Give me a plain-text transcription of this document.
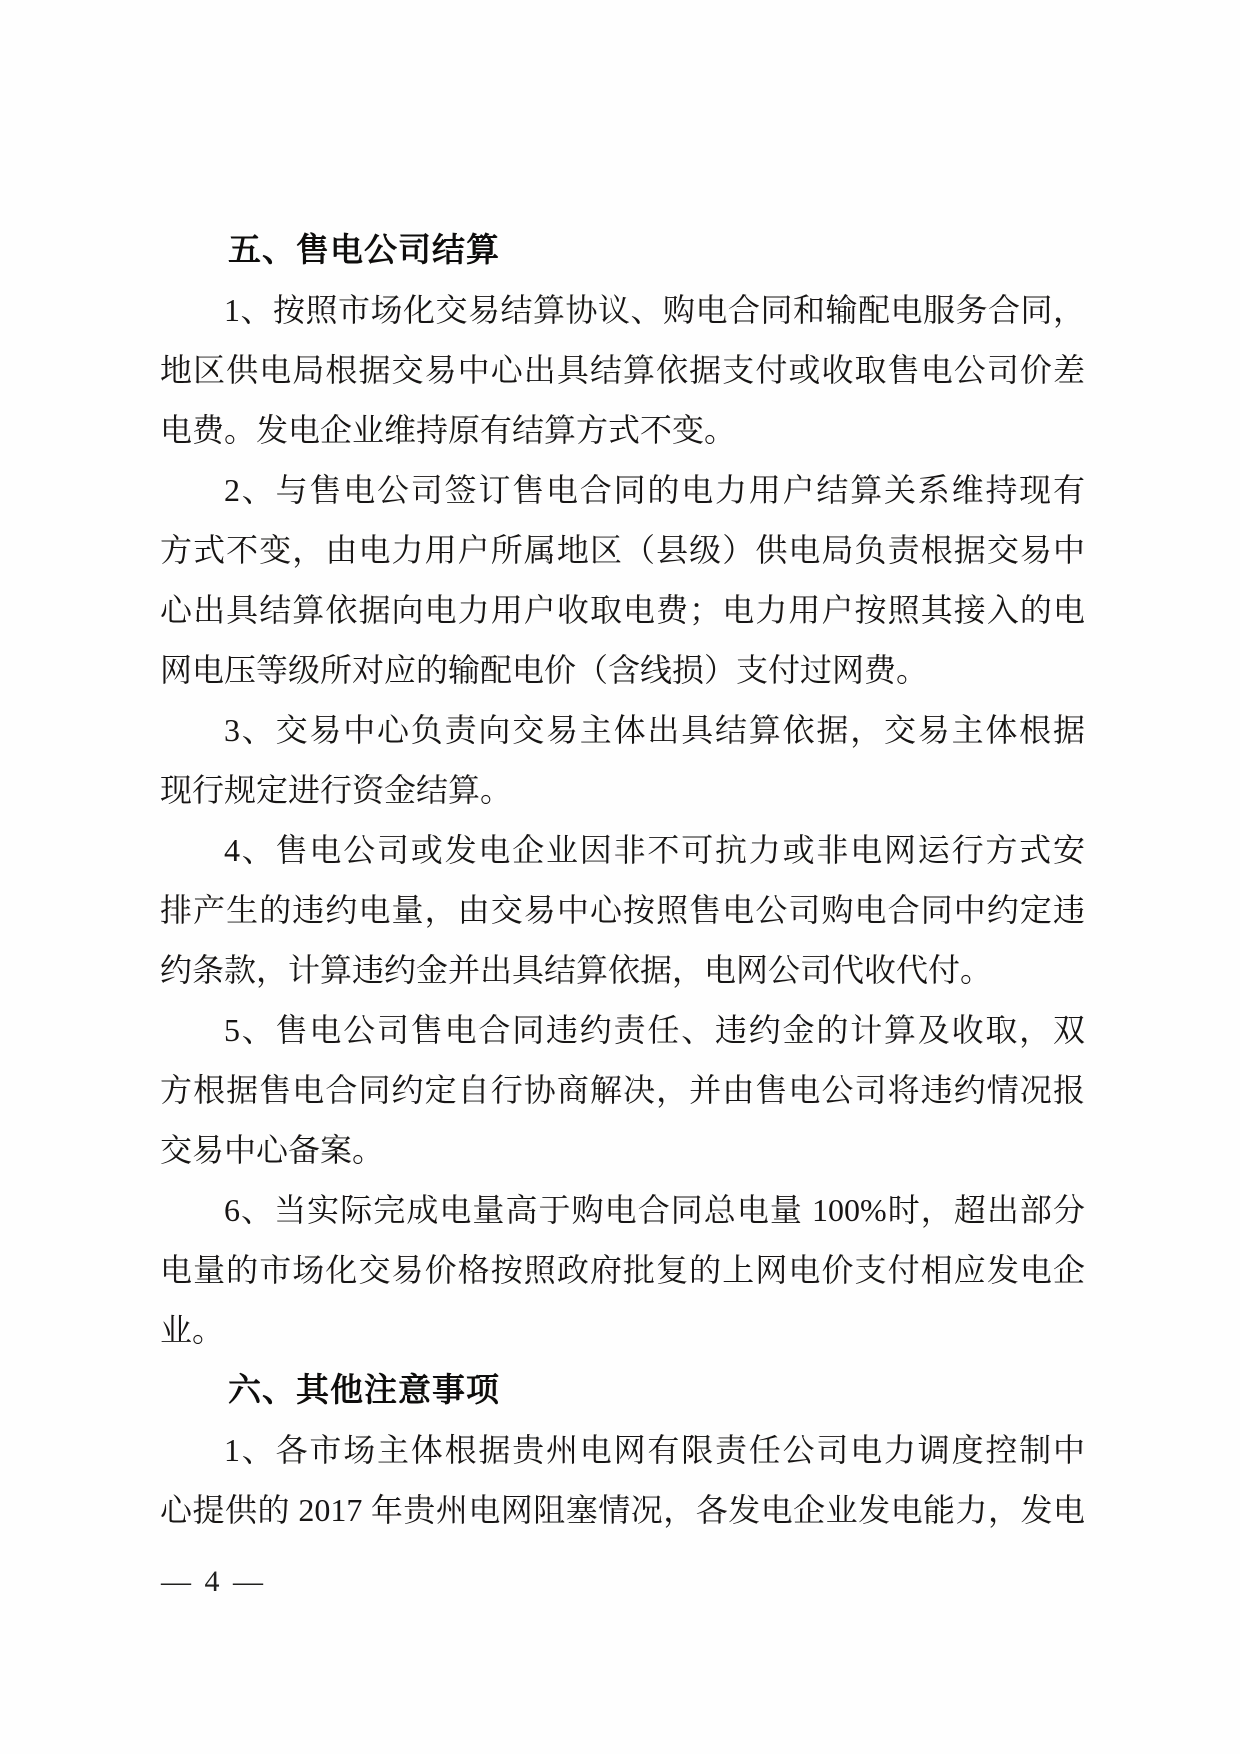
五、售电公司结算
1、按照市场化交易结算协议、购电合同和输配电服务合同，
地区供电局根据交易中心出具结算依据支付或收取售电公司价差
电费。发电企业维持原有结算方式不变。
2、与售电公司签订售电合同的电力用户结算关系维持现有
方式不变，由电力用户所属地区（县级）供电局负责根据交易中
心出具结算依据向电力用户收取电费；电力用户按照其接入的电
网电压等级所对应的输配电价（含线损）支付过网费。
3、交易中心负责向交易主体出具结算依据，交易主体根据
现行规定进行资金结算。
4、售电公司或发电企业因非不可抗力或非电网运行方式安
排产生的违约电量，由交易中心按照售电公司购电合同中约定违
约条款，计算违约金并出具结算依据，电网公司代收代付。
5、售电公司售电合同违约责任、违约金的计算及收取，双
方根据售电合同约定自行协商解决，并由售电公司将违约情况报
交易中心备案。
6、当实际完成电量高于购电合同总电量 100%时，超出部分
电量的市场化交易价格按照政府批复的上网电价支付相应发电企
业。
六、其他注意事项
1、各市场主体根据贵州电网有限责任公司电力调度控制中
心提供的 2017 年贵州电网阻塞情况，各发电企业发电能力，发电
— 4 —
